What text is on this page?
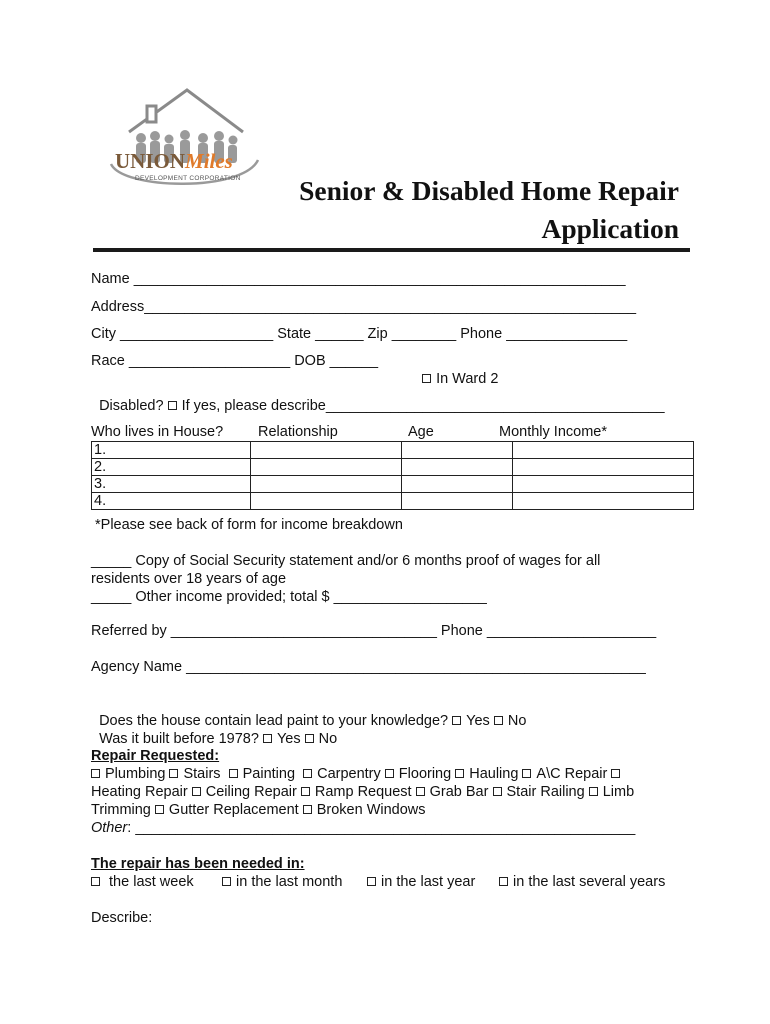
UNIONMiles
DEVELOPMENT CORPORATION Senior & Disabled Home Repair
Application
Name _____________________________________________________________
Address_____________________________________________________________
City ___________________ State ______ Zip ________ Phone _______________
Race ____________________ DOB ______

In Ward 2

Disabled? If yes, please describe__________________________________________

Who lives in House? Relationship	Age	Monthly Income*
1.			
2.			
3.			
4.			
*Please see back of form for income breakdown
_____ Copy of Social Security statement and/or 6 months proof of wages for all
residents over 18 years of age
_____ Other income provided; total $ ___________________
Referred by _________________________________ Phone _____________________
Agency Name _________________________________________________________

Does the house contain lead paint to your knowledge? Yes No

Was it built before 1978? Yes No

Repair Requested:
Plumbing Stairs Painting Carpentry Flooring Hauling A\C Repair
Heating Repair Ceiling Repair Ramp Request Grab Bar Stair Railing Limb
Trimming Gutter Replacement Broken Windows
Other: ______________________________________________________________
The repair has been needed in:
the last week	in the last month	in the last year	in the last several years
Describe:
